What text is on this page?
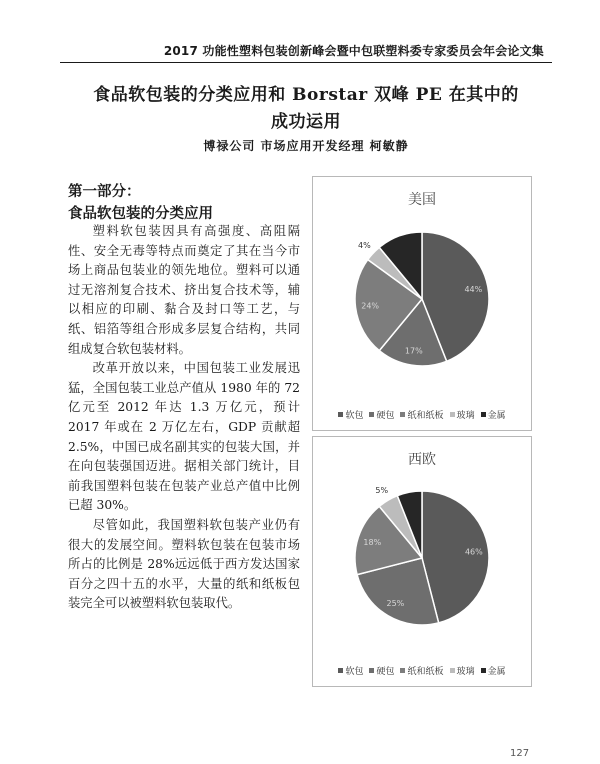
2017 功能性塑料包装创新峰会暨中包联塑料委专家委员会年会论文集
食品软包装的分类应用和 Borstar 双峰 PE 在其中的
成功运用
博禄公司 市场应用开发经理 柯敏静
第一部分：
食品软包装的分类应用

塑料软包装因具有高强度、高阻隔性、安全无毒等特点而奠定了其在当今市场上商品包装业的领先地位。塑料可以通过无溶剂复合技术、挤出复合技术等，辅以相应的印刷、黏合及封口等工艺，与纸、铝箔等组合形成多层复合结构，共同组成复合软包装材料。

改革开放以来，中国包装工业发展迅猛，全国包装工业总产值从 1980 年的 72 亿元至 2012 年达 1.3 万亿元，预计 2017 年或在 2 万亿左右，GDP 贡献超 2.5%，中国已成名副其实的包装大国，并在向包装强国迈进。据相关部门统计，目前我国塑料包装在包装产业总产值中比例已超 30%。

尽管如此，我国塑料软包装产业仍有很大的发展空间。塑料软包装在包装市场所占的比例是 28%远远低于西方发达国家百分之四十五的水平，大量的纸和纸板包装完全可以被塑料软包装取代。

美国
44%
17%
24%
4%
软包 硬包 纸和纸板 玻璃 金属
西欧
46%
25%
18%
5%
软包 硬包 纸和纸板 玻璃 金属
127
